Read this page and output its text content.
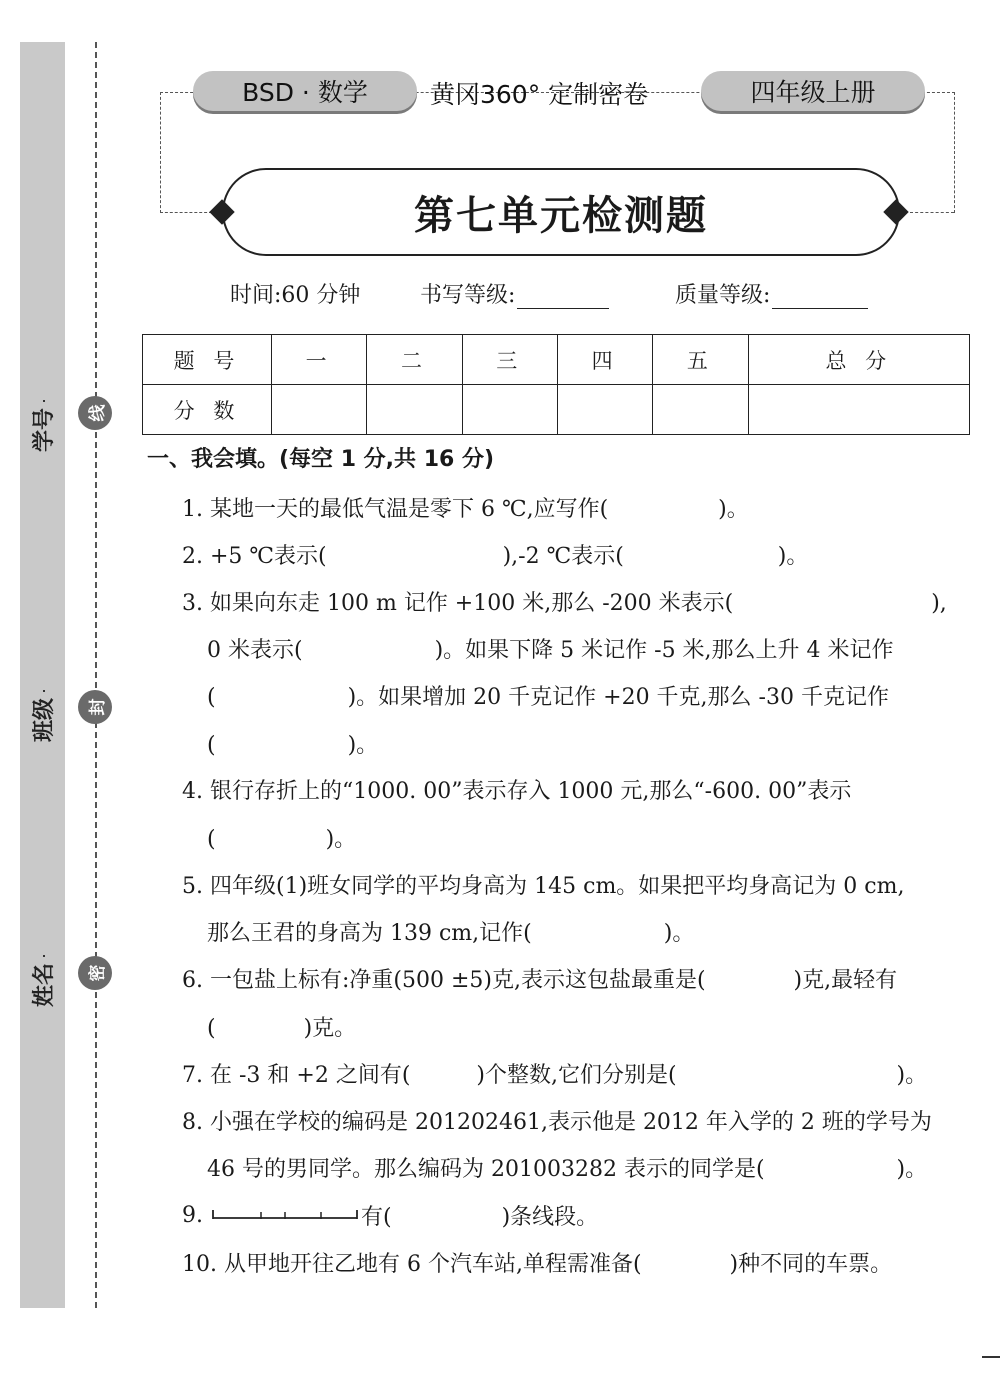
学号
班级
姓名
线
封
密
BSD · 数学	黄冈360° 定制密卷	四年级上册
第七单元检测题
时间:60 分钟	书写等级:	质量等级:
题 号	一	二	三	四	五	总 分
分 数						
一、我会填。(每空 1 分,共 16 分)
1. 某地一天的最低气温是零下 6 ℃,应写作(　　　　　)。
2. +5 ℃表示(　　　　　　　　),-2 ℃表示(　　　　　　　)。
3. 如果向东走 100 m 记作 +100 米,那么 -200 米表示(　　　　　　　　　),
0 米表示(　　　　　　)。如果下降 5 米记作 -5 米,那么上升 4 米记作
(　　　　　　)。如果增加 20 千克记作 +20 千克,那么 -30 千克记作
(　　　　　　)。
4. 银行存折上的“1000. 00”表示存入 1000 元,那么“-600. 00”表示
(　　　　　)。
5. 四年级(1)班女同学的平均身高为 145 cm。如果把平均身高记为 0 cm,
那么王君的身高为 139 cm,记作(　　　　　　)。
6. 一包盐上标有:净重(500 ±5)克,表示这包盐最重是(　　　　)克,最轻有
(　　　　)克。
7. 在 -3 和 +2 之间有(　　　)个整数,它们分别是(　　　　　　　　　　)。
8. 小强在学校的编码是 201202461,表示他是 2012 年入学的 2 班的学号为
46 号的男同学。那么编码为 201003282 表示的同学是(　　　　　　)。
9.	有(　　　　　)条线段。
10. 从甲地开往乙地有 6 个汽车站,单程需准备(　　　　)种不同的车票。
